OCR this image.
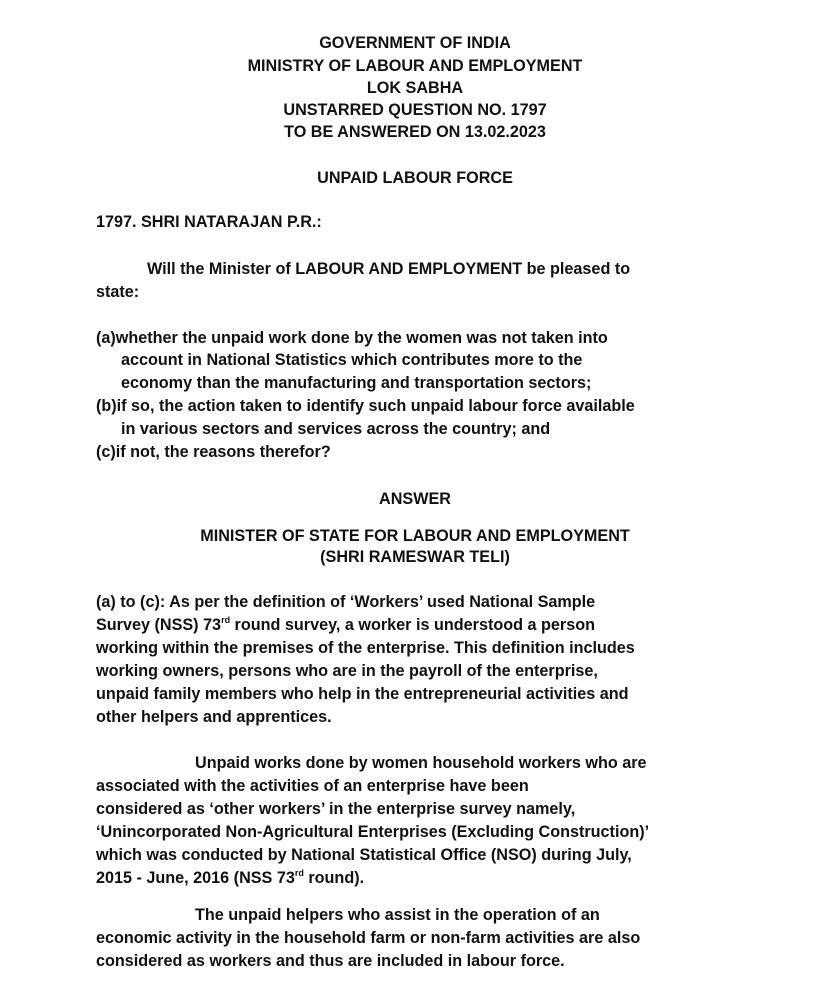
GOVERNMENT OF INDIA
MINISTRY OF LABOUR AND EMPLOYMENT
LOK SABHA
UNSTARRED QUESTION NO. 1797
TO BE ANSWERED ON 13.02.2023
UNPAID LABOUR FORCE
1797. SHRI NATARAJAN P.R.:
Will the Minister of LABOUR AND EMPLOYMENT be pleased to
state:
(a)whether the unpaid work done by the women was not taken into
account in National Statistics which contributes more to the
economy than the manufacturing and transportation sectors;
(b)if so, the action taken to identify such unpaid labour force available
in various sectors and services across the country; and
(c)if not, the reasons therefor?
ANSWER
MINISTER OF STATE FOR LABOUR AND EMPLOYMENT
(SHRI RAMESWAR TELI)
(a) to (c): As per the definition of ‘Workers’ used National Sample
Survey (NSS) 73rd round survey, a worker is understood a person
working within the premises of the enterprise. This definition includes
working owners, persons who are in the payroll of the enterprise,
unpaid family members who help in the entrepreneurial activities and
other helpers and apprentices.
Unpaid works done by women household workers who are
associated with the activities of an enterprise have been
considered as ‘other workers’ in the enterprise survey namely,
‘Unincorporated Non-Agricultural Enterprises (Excluding Construction)’
which was conducted by National Statistical Office (NSO) during July,
2015 - June, 2016 (NSS 73rd round).
The unpaid helpers who assist in the operation of an
economic activity in the household farm or non-farm activities are also
considered as workers and thus are included in labour force.
